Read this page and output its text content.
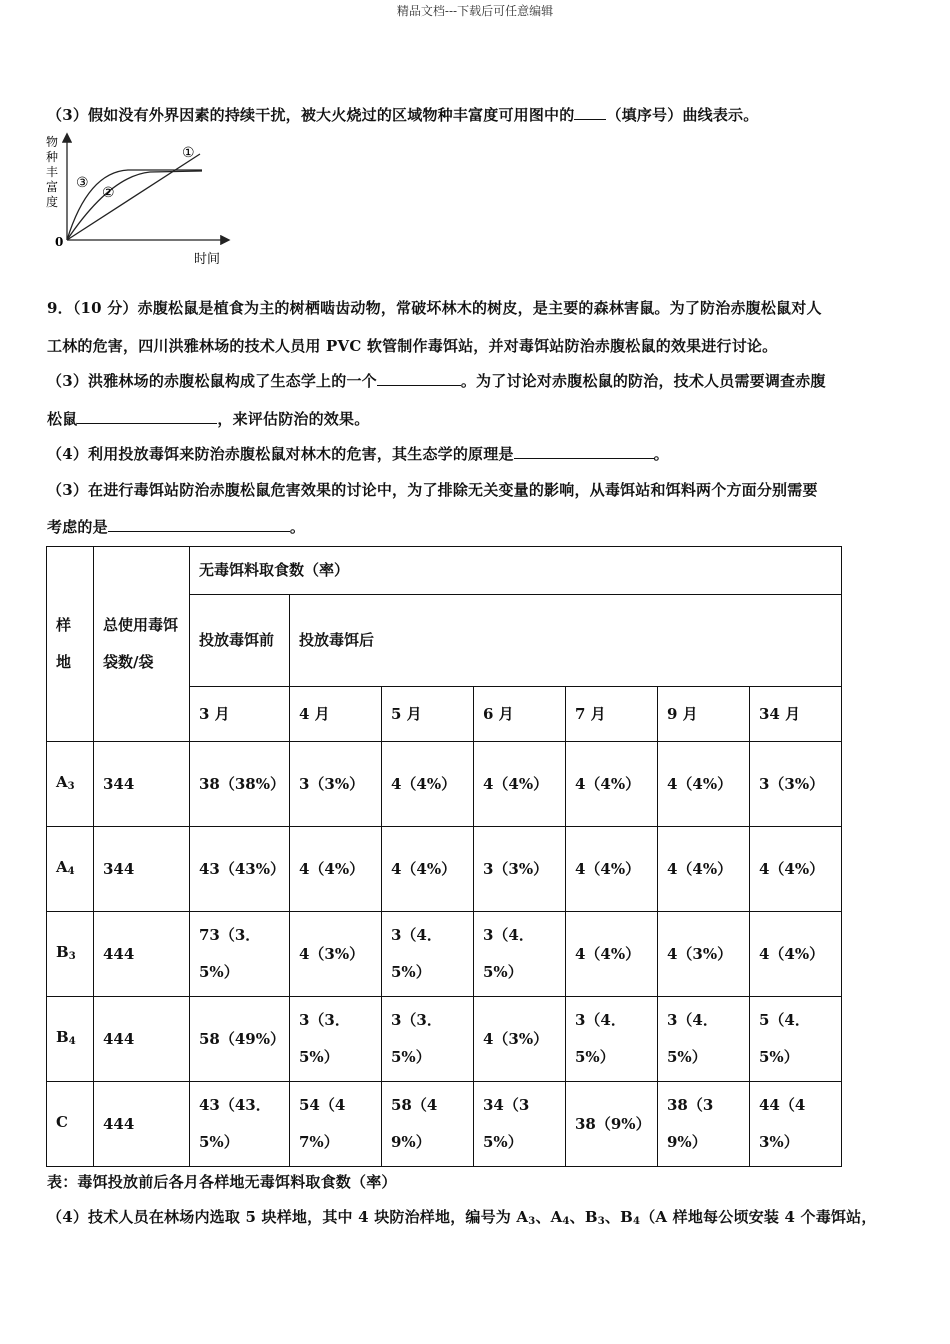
精品文档---下载后可任意编辑
（3）假如没有外界因素的持续干扰，被大火烧过的区域物种丰富度可用图中的 （填序号）曲线表示。
物
种
丰
富
度
0
时间
①
②
③
9．（10 分）赤腹松鼠是植食为主的树栖啮齿动物，常破坏林木的树皮，是主要的森林害鼠。为了防治赤腹松鼠对人
工林的危害，四川洪雅林场的技术人员用 PVC 软管制作毒饵站，并对毒饵站防治赤腹松鼠的效果进行讨论。
（3）洪雅林场的赤腹松鼠构成了生态学上的一个	。为了讨论对赤腹松鼠的防治，技术人员需要调查赤腹
松鼠	，来评估防治的效果。
（4）利用投放毒饵来防治赤腹松鼠对林木的危害，其生态学的原理是	。
（3）在进行毒饵站防治赤腹松鼠危害效果的讨论中，为了排除无关变量的影响，从毒饵站和饵料两个方面分别需要
考虑的是	。
样地	总使用毒饵袋数/袋	无毒饵料取食数（率）						
		投放毒饵前	投放毒饵后					
		3 月	4 月	5 月	6 月	7 月	9 月	34 月
$A_3$	344	38（38%）	3（3%）	4（4%）	4（4%）	4（4%）	4（4%）	3（3%）
$A_4$	344	43（43%）	4（4%）	4（4%）	3（3%）	4（4%）	4（4%）	4（4%）
$B_3$	444	73（3．5%）	4（3%）	3（4．5%）	3（4．5%）	4（4%）	4（3%）	4（4%）
$B_4$	444	58（49%）	3（3．5%）	3（3．5%）	4（3%）	3（4．5%）	3（4．5%）	5（4．5%）
C	444	43（43．5%）	54（47%）	58（49%）	34（35%）	38（9%）	38（39%）	44（43%）
表：毒饵投放前后各月各样地无毒饵料取食数（率）
（4）技术人员在林场内选取 5 块样地，其中 4 块防治样地，编号为 $A_3$、$A_4$、$B_3$、$B_4(A$ 样地每公顷安装 4 个毒饵站，
